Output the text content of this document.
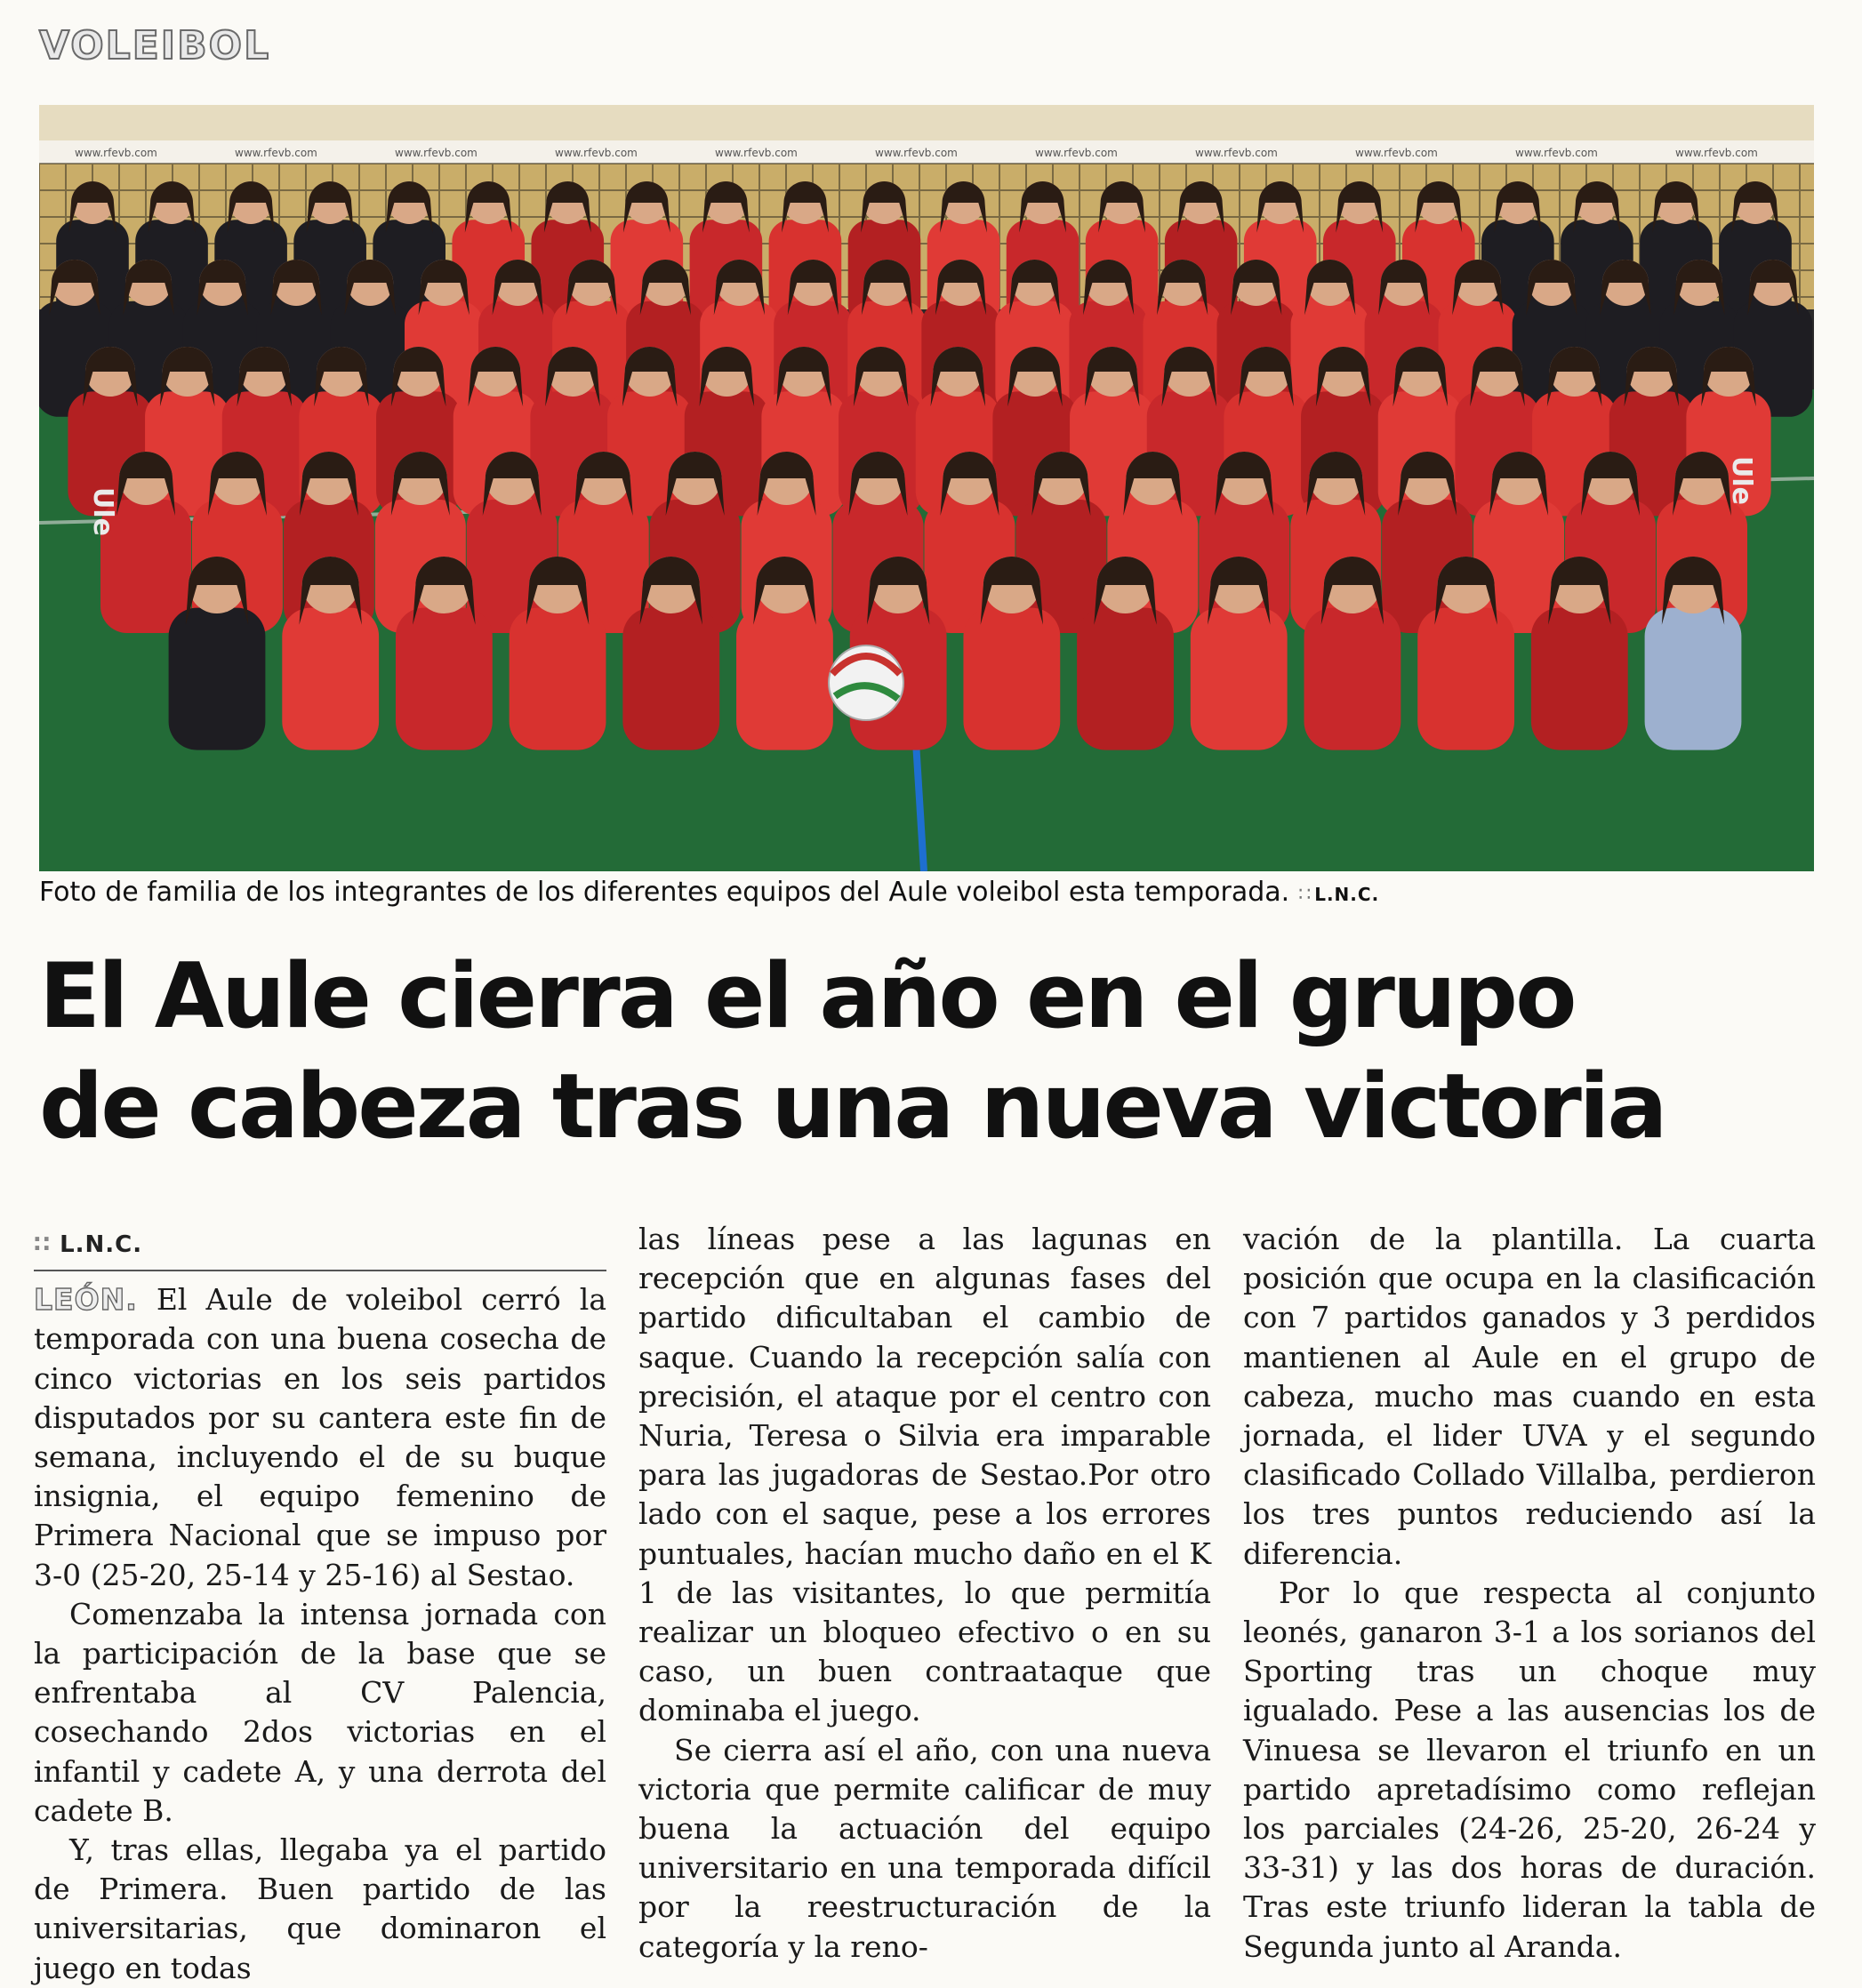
VOLEIBOL
www.rfevb.com	www.rfevb.com	www.rfevb.com	www.rfevb.com	www.rfevb.com	www.rfevb.com	www.rfevb.com	www.rfevb.com	www.rfevb.com	www.rfevb.com	www.rfevb.com
Ule
Ule
Foto de familia de los integrantes de los diferentes equipos del Aule voleibol esta temporada. ∷ L.N.C.
El Aule cierra el año en el grupo
de cabeza tras una nueva victoria
∷ L.N.C.

LEÓN. El Aule de voleibol cerró la temporada con una buena cosecha de cinco victorias en los seis partidos disputados por su cantera este fin de semana, incluyendo el de su buque insignia, el equipo femenino de Primera Nacional que se impuso por 3-0 (25-20, 25-14 y 25-16) al Sestao.

Comenzaba la intensa jornada con la participación de la base que se enfrentaba al CV Palencia, cosechando 2dos victorias en el infantil y cadete A, y una derrota del cadete B.

Y, tras ellas, llegaba ya el partido de Primera. Buen partido de las universitarias, que dominaron el juego en todas

las líneas pese a las lagunas en recepción que en algunas fases del partido dificultaban el cambio de saque. Cuando la recepción salía con precisión, el ataque por el centro con Nuria, Teresa o Silvia era imparable para las jugadoras de Sestao.Por otro lado con el saque, pese a los errores puntuales, hacían mucho daño en el K 1 de las visitantes, lo que permitía realizar un bloqueo efectivo o en su caso, un buen contraataque que dominaba el juego.

Se cierra así el año, con una nueva victoria que permite calificar de muy buena la actuación del equipo universitario en una temporada difícil por la reestructuración de la categoría y la reno-

vación de la plantilla. La cuarta posición que ocupa en la clasificación con 7 partidos ganados y 3 perdidos mantienen al Aule en el grupo de cabeza, mucho mas cuando en esta jornada, el lider UVA y el segundo clasificado Collado Villalba, perdieron los tres puntos reduciendo así la diferencia.

Por lo que respecta al conjunto leonés, ganaron 3-1 a los sorianos del Sporting tras un choque muy igualado. Pese a las ausencias los de Vinuesa se llevaron el triunfo en un partido apretadísimo como reflejan los parciales (24-26, 25-20, 26-24 y 33-31) y las dos horas de duración. Tras este triunfo lideran la tabla de Segunda junto al Aranda.
